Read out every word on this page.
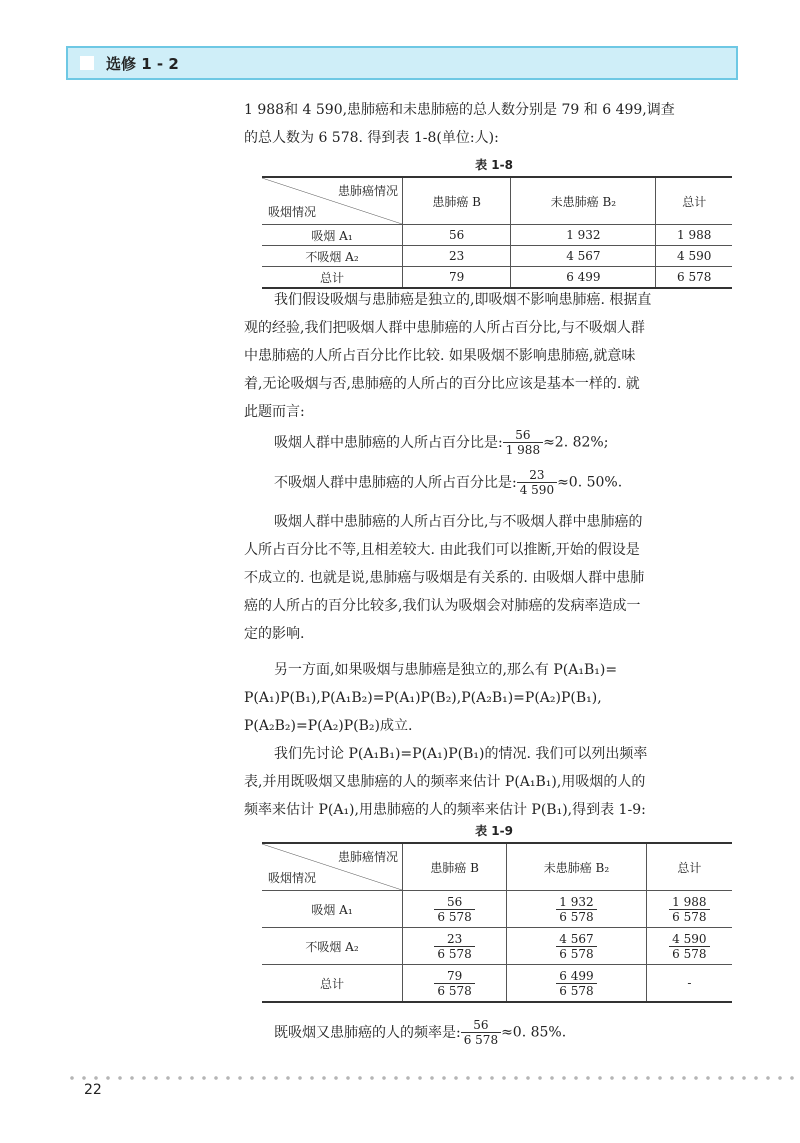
选修 1 - 2

1 988和 4 590,患肺癌和未患肺癌的总人数分别是 79 和 6 499,调查

的总人数为 6 578. 得到表 1-8(单位:人):

表 1-8
患肺癌情况
吸烟情况	患肺癌 B	未患肺癌 B₂	总计
吸烟 A₁	56	1 932	1 988
不吸烟 A₂	23	4 567	4 590
总计	79	6 499	6 578

我们假设吸烟与患肺癌是独立的,即吸烟不影响患肺癌. 根据直

观的经验,我们把吸烟人群中患肺癌的人所占百分比,与不吸烟人群

中患肺癌的人所占百分比作比较. 如果吸烟不影响患肺癌,就意味

着,无论吸烟与否,患肺癌的人所占的百分比应该是基本一样的. 就

此题而言:

吸烟人群中患肺癌的人所占百分比是: $\frac{56}{1 988} \approx 2$. 82%;
不吸烟人群中患肺癌的人所占百分比是: $\frac{23}{4 590} \approx 0$. 50%.

吸烟人群中患肺癌的人所占百分比,与不吸烟人群中患肺癌的

人所占百分比不等,且相差较大. 由此我们可以推断,开始的假设是

不成立的. 也就是说,患肺癌与吸烟是有关系的. 由吸烟人群中患肺

癌的人所占的百分比较多,我们认为吸烟会对肺癌的发病率造成一

定的影响.

另一方面,如果吸烟与患肺癌是独立的,那么有 P(A₁B₁)=

P(A₁)P(B₁),P(A₁B₂)=P(A₁)P(B₂),P(A₂B₁)=P(A₂)P(B₁),

P(A₂B₂)=P(A₂)P(B₂)成立.

我们先讨论 P(A₁B₁)=P(A₁)P(B₁)的情况. 我们可以列出频率

表,并用既吸烟又患肺癌的人的频率来估计 P(A₁B₁),用吸烟的人的

频率来估计 P(A₁),用患肺癌的人的频率来估计 P(B₁),得到表 1-9:

表 1-9
患肺癌情况
吸烟情况	患肺癌 B	未患肺癌 B₂	总计
吸烟 A₁	$\frac{56}{6 578}$	$\frac{1 932}{6 578}$	$\frac{1 988}{6 578}$

不吸烟 A₂	$\frac{23}{6 578}$	$\frac{4 567}{6 578}$	$\frac{4 590}{6 578}$

总计	$\frac{79}{6 578}$	$\frac{6 499}{6 578}$	-
既吸烟又患肺癌的人的频率是: $\frac{56}{6 578} \approx 0$. 85%.
22
